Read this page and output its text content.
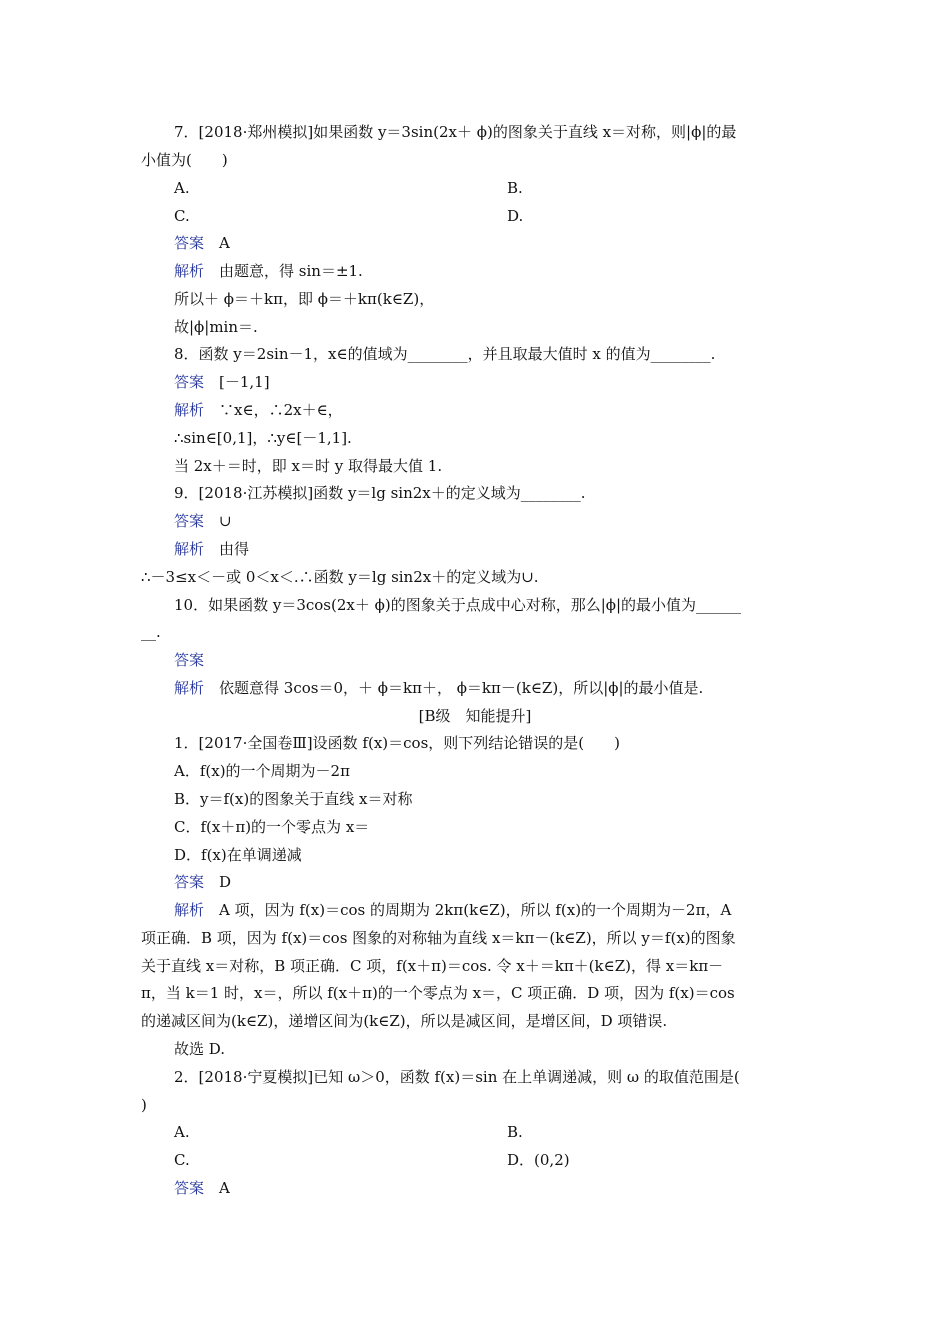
7．[2018·郑州模拟]如果函数 y＝3sin(2x＋ ϕ)的图象关于直线 x＝对称，则|ϕ|的最
小值为(　　)
A.	B.
C.	D.
答案　A
解析　由题意，得 sin＝±1.
所以＋ ϕ＝＋kπ，即 ϕ＝＋kπ(k∈Z)，
故|ϕ|min＝.
8．函数 y＝2sin－1，x∈的值域为________，并且取最大值时 x 的值为________.
答案　[－1,1]
解析　∵x∈，∴2x＋∈，
∴sin∈[0,1]，∴y∈[－1,1].
当 2x＋＝时，即 x＝时 y 取得最大值 1.
9．[2018·江苏模拟]函数 y＝lg sin2x＋的定义域为________.
答案　∪
解析　由得
∴－3≤x＜－或 0＜x＜.∴函数 y＝lg sin2x＋的定义域为∪.
10．如果函数 y＝3cos(2x＋ ϕ)的图象关于点成中心对称，那么|ϕ|的最小值为______
__.
答案
解析　依题意得 3cos＝0，＋ ϕ＝kπ＋， ϕ＝kπ－(k∈Z)，所以|ϕ|的最小值是.
[B级　知能提升]
1．[2017·全国卷Ⅲ]设函数 f(x)＝cos，则下列结论错误的是(　　)
A．f(x)的一个周期为－2π
B．y＝f(x)的图象关于直线 x＝对称
C．f(x＋π)的一个零点为 x＝
D．f(x)在单调递减
答案　D
解析　A 项，因为 f(x)＝cos 的周期为 2kπ(k∈Z)，所以 f(x)的一个周期为－2π，A
项正确．B 项，因为 f(x)＝cos 图象的对称轴为直线 x＝kπ－(k∈Z)，所以 y＝f(x)的图象
关于直线 x＝对称，B 项正确．C 项，f(x＋π)＝cos. 令 x＋＝kπ＋(k∈Z)，得 x＝kπ－
π，当 k＝1 时，x＝，所以 f(x＋π)的一个零点为 x＝，C 项正确．D 项，因为 f(x)＝cos
的递减区间为(k∈Z)，递增区间为(k∈Z)，所以是减区间，是增区间，D 项错误.
故选 D.
2．[2018·宁夏模拟]已知 ω＞0，函数 f(x)＝sin 在上单调递减，则 ω 的取值范围是(
)
A.	B.
C.	D．(0,2)
答案　A
